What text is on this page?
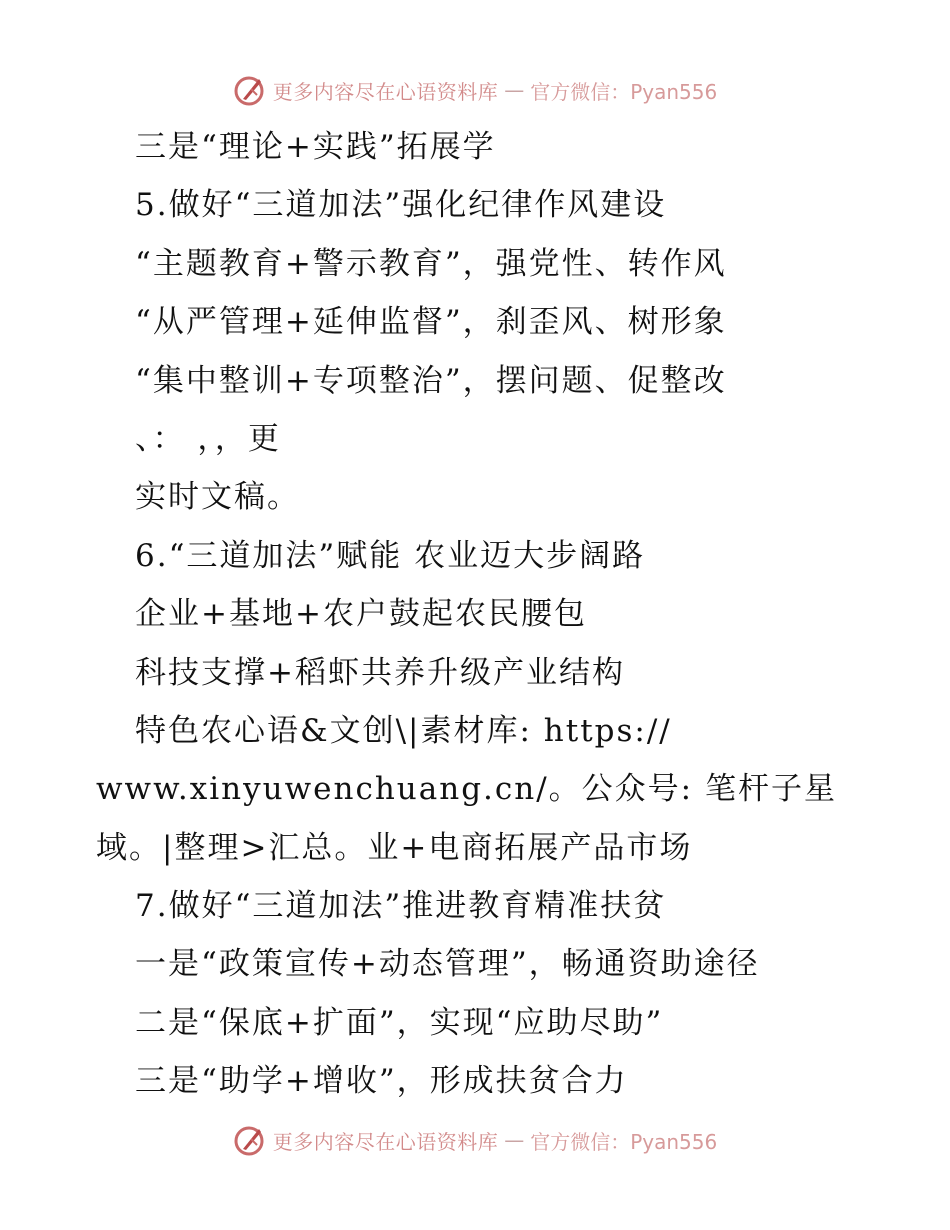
更多内容尽在心语资料库 — 官方微信：Pyan556
三是“理论+实践”拓展学
5.做好“三道加法”强化纪律作风建设
“主题教育+警示教育”，强党性、转作风
“从严管理+延伸监督”，刹歪风、树形象
“集中整训+专项整治”，摆问题、促整改
、： ，，更
实时文稿。
6.“三道加法”赋能 农业迈大步阔路
企业+基地+农户鼓起农民腰包
科技支撑+稻虾共养升级产业结构
特色农心语&文创\|素材库: https://
www.xinyuwenchuang.cn/。公众号: 笔杆子星
域。|整理>汇总。业+电商拓展产品市场
7.做好“三道加法”推进教育精准扶贫
一是“政策宣传+动态管理”，畅通资助途径
二是“保底+扩面”，实现“应助尽助”
三是“助学+增收”，形成扶贫合力
更多内容尽在心语资料库 — 官方微信：Pyan556
